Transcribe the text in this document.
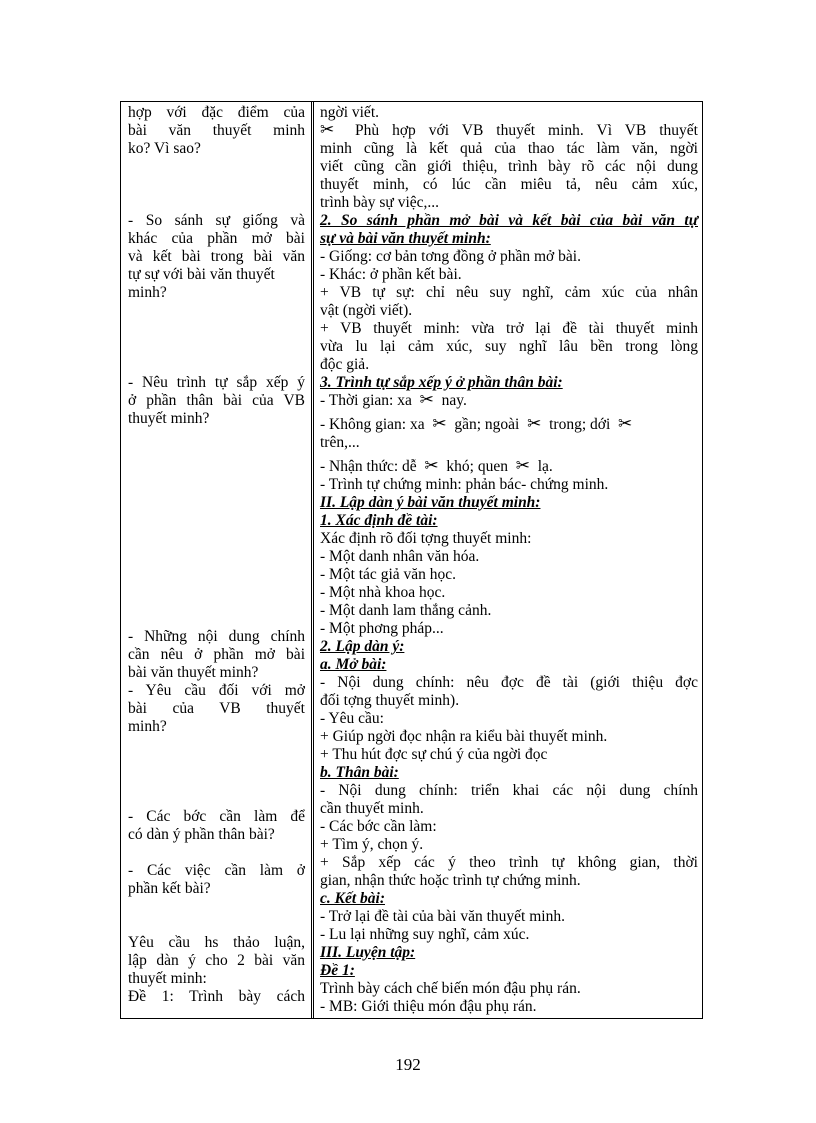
hợp với đặc điểm của
bài văn thuyết minh
ko? Vì sao?
- So sánh sự giống và
khác của phần mở bài
và kết bài trong bài văn
tự sự với bài văn thuyết
minh?
- Nêu trình tự sắp xếp ý
ở phần thân bài của VB
thuyết minh?
- Những nội dung chính
cần nêu ở phần mở bài
bài văn thuyết minh?
- Yêu cầu đối với mở
bài của VB thuyết
minh?
- Các bớc cần làm để
có dàn ý phần thân bài?
- Các việc cần làm ở
phần kết bài?
Yêu cầu hs thảo luận,
lập dàn ý cho 2 bài văn
thuyết minh:
Đề 1: Trình bày cách
ngời viết.
✂ Phù hợp với VB thuyết minh. Vì VB thuyết
minh cũng là kết quả của thao tác làm văn, ngời
viết cũng cần giới thiệu, trình bày rõ các nội dung
thuyết minh, có lúc cần miêu tả, nêu cảm xúc,
trình bày sự việc,...
2. So sánh phần mở bài và kết bài của bài văn tự
sự và bài văn thuyết minh:
- Giống: cơ bản tơng đồng ở phần mở bài.
- Khác: ở phần kết bài.
+ VB tự sự: chỉ nêu suy nghĩ, cảm xúc của nhân
vật (ngời viết).
+ VB thuyết minh: vừa trở lại đề tài thuyết minh
vừa lu lại cảm xúc, suy nghĩ lâu bền trong lòng
độc giả.
3. Trình tự sắp xếp ý ở phần thân bài:
- Thời gian: xa ✂ nay.
- Không gian: xa ✂ gần; ngoài ✂ trong; dới ✂
trên,...
- Nhận thức: dễ ✂ khó; quen ✂ lạ.
- Trình tự chứng minh: phản bác- chứng minh.
II. Lập dàn ý bài văn thuyết minh:
1. Xác định đề tài:
Xác định rõ đối tợng thuyết minh:
- Một danh nhân văn hóa.
- Một tác giả văn học.
- Một nhà khoa học.
- Một danh lam thắng cảnh.
- Một phơng pháp...
2. Lập dàn ý:
a. Mở bài:
- Nội dung chính: nêu đợc đề tài (giới thiệu đợc
đối tợng thuyết minh).
- Yêu cầu:
+ Giúp ngời đọc nhận ra kiểu bài thuyết minh.
+ Thu hút đợc sự chú ý của ngời đọc
b. Thân bài:
- Nội dung chính: triển khai các nội dung chính
cần thuyết minh.
- Các bớc cần làm:
+ Tìm ý, chọn ý.
+ Sắp xếp các ý theo trình tự không gian, thời
gian, nhận thức hoặc trình tự chứng minh.
c. Kết bài:
- Trở lại đề tài của bài văn thuyết minh.
- Lu lại những suy nghĩ, cảm xúc.
III. Luyện tập:
Đề 1:
Trình bày cách chế biến món đậu phụ rán.
- MB: Giới thiệu món đậu phụ rán.
192
